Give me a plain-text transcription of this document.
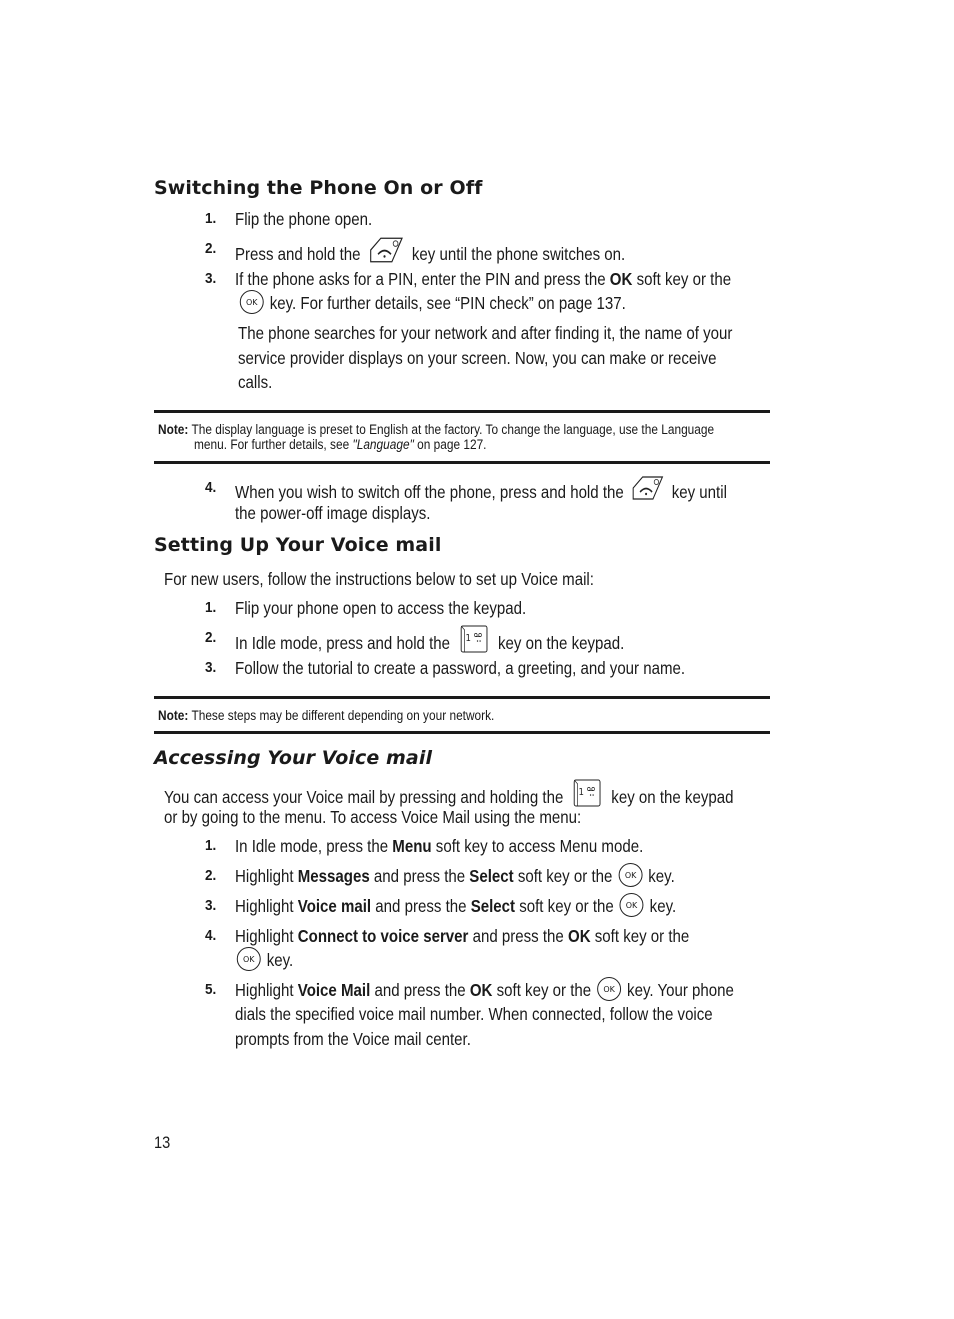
Switching the Phone On or Off
1.	Flip the phone open.
2.	Press and hold the	key until the phone switches on.
3.	If the phone asks for a PIN, enter the PIN and press the OK soft key or the
OK key. For further details, see “PIN check” on page 137.
The phone searches for your network and after finding it, the name of your
service provider displays on your screen. Now, you can make or receive
calls.
Note: The display language is preset to English at the factory. To change the language, use the Language
menu. For further details, see "Language" on page 127.
4.	When you wish to switch off the phone, press and hold the	key until
the power-off image displays.
Setting Up Your Voice mail
For new users, follow the instructions below to set up Voice mail:
1.	Flip your phone open to access the keypad.
2.	In Idle mode, press and hold the 1 key on the keypad.
3.	Follow the tutorial to create a password, a greeting, and your name.
Note: These steps may be different depending on your network.
Accessing Your Voice mail
You can access your Voice mail by pressing and holding the 1 key on the keypad
or by going to the menu. To access Voice Mail using the menu:
1.	In Idle mode, press the Menu soft key to access Menu mode.
2.	Highlight Messages and press the Select soft key or the OK key.
3.	Highlight Voice mail and press the Select soft key or the OK key.
4.	Highlight Connect to voice server and press the OK soft key or the
OK key.
5.	Highlight Voice Mail and press the OK soft key or the OK key. Your phone
dials the specified voice mail number. When connected, follow the voice
prompts from the Voice mail center.
13
